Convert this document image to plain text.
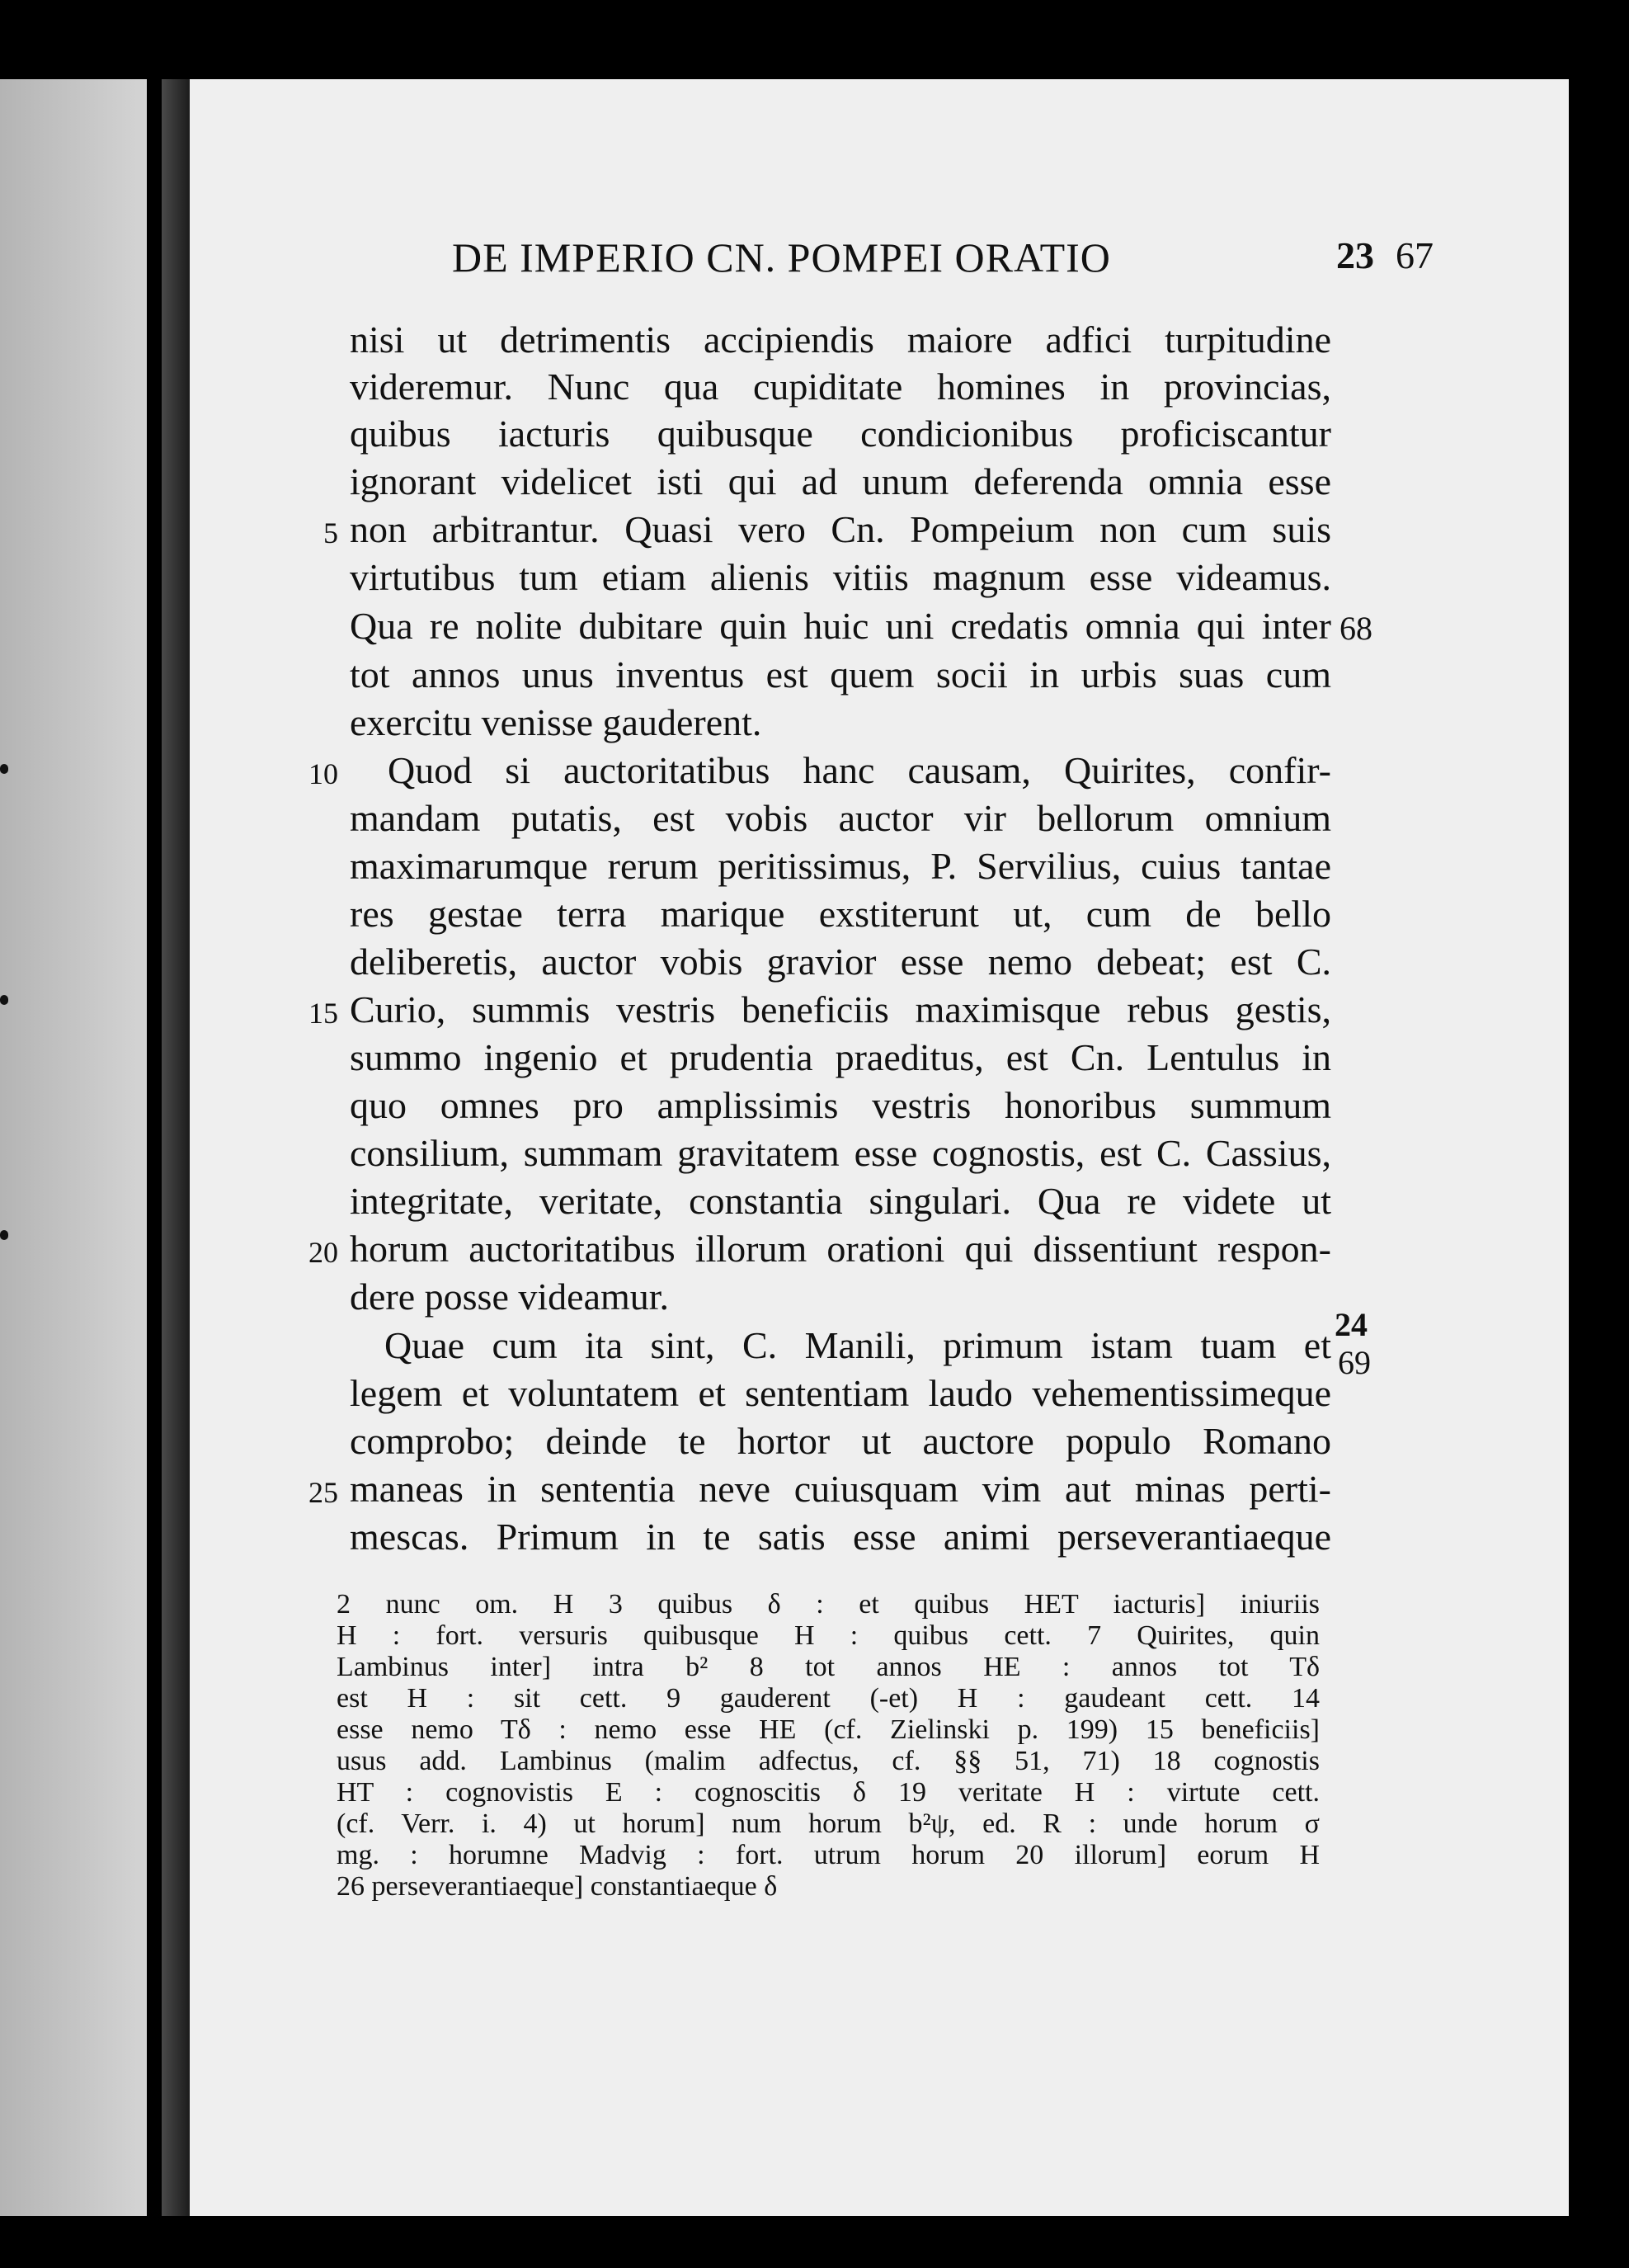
DE IMPERIO CN. POMPEI ORATIO	23 67
nisi ut detrimentis accipiendis maiore adfici turpitudine
videremur. Nunc qua cupiditate homines in provincias,
quibus iacturis quibusque condicionibus proficiscantur
ignorant videlicet isti qui ad unum deferenda omnia esse
non arbitrantur. Quasi vero Cn. Pompeium non cum suis
virtutibus tum etiam alienis vitiis magnum esse videamus.
Qua re nolite dubitare quin huic uni credatis omnia qui inter
tot annos unus inventus est quem socii in urbis suas cum
exercitu venisse gauderent.
Quod si auctoritatibus hanc causam, Quirites, confir-
mandam putatis, est vobis auctor vir bellorum omnium
maximarumque rerum peritissimus, P. Servilius, cuius tantae
res gestae terra marique exstiterunt ut, cum de bello
deliberetis, auctor vobis gravior esse nemo debeat; est C.
Curio, summis vestris beneficiis maximisque rebus gestis,
summo ingenio et prudentia praeditus, est Cn. Lentulus in
quo omnes pro amplissimis vestris honoribus summum
consilium, summam gravitatem esse cognostis, est C. Cassius,
integritate, veritate, constantia singulari. Qua re videte ut
horum auctoritatibus illorum orationi qui dissentiunt respon-
dere posse videamur.
Quae cum ita sint, C. Manili, primum istam tuam et
legem et voluntatem et sententiam laudo vehementissimeque
comprobo; deinde te hortor ut auctore populo Romano
maneas in sententia neve cuiusquam vim aut minas perti-
mescas. Primum in te satis esse animi perseverantiaeque
5
10
15
20
25
68
24
69
2 nunc om. H 3 quibus δ : et quibus HET iacturis] iniuriis
H : fort. versuris quibusque H : quibus cett. 7 Quirites, quin
Lambinus inter] intra b² 8 tot annos HE : annos tot Tδ
est H : sit cett. 9 gauderent (-et) H : gaudeant cett. 14
esse nemo Tδ : nemo esse HE (cf. Zielinski p. 199) 15 beneficiis]
usus add. Lambinus (malim adfectus, cf. §§ 51, 71) 18 cognostis
HT : cognovistis E : cognoscitis δ 19 veritate H : virtute cett.
(cf. Verr. i. 4) ut horum] num horum b²ψ, ed. R : unde horum σ
mg. : horumne Madvig : fort. utrum horum 20 illorum] eorum H
26 perseverantiaeque] constantiaeque δ
